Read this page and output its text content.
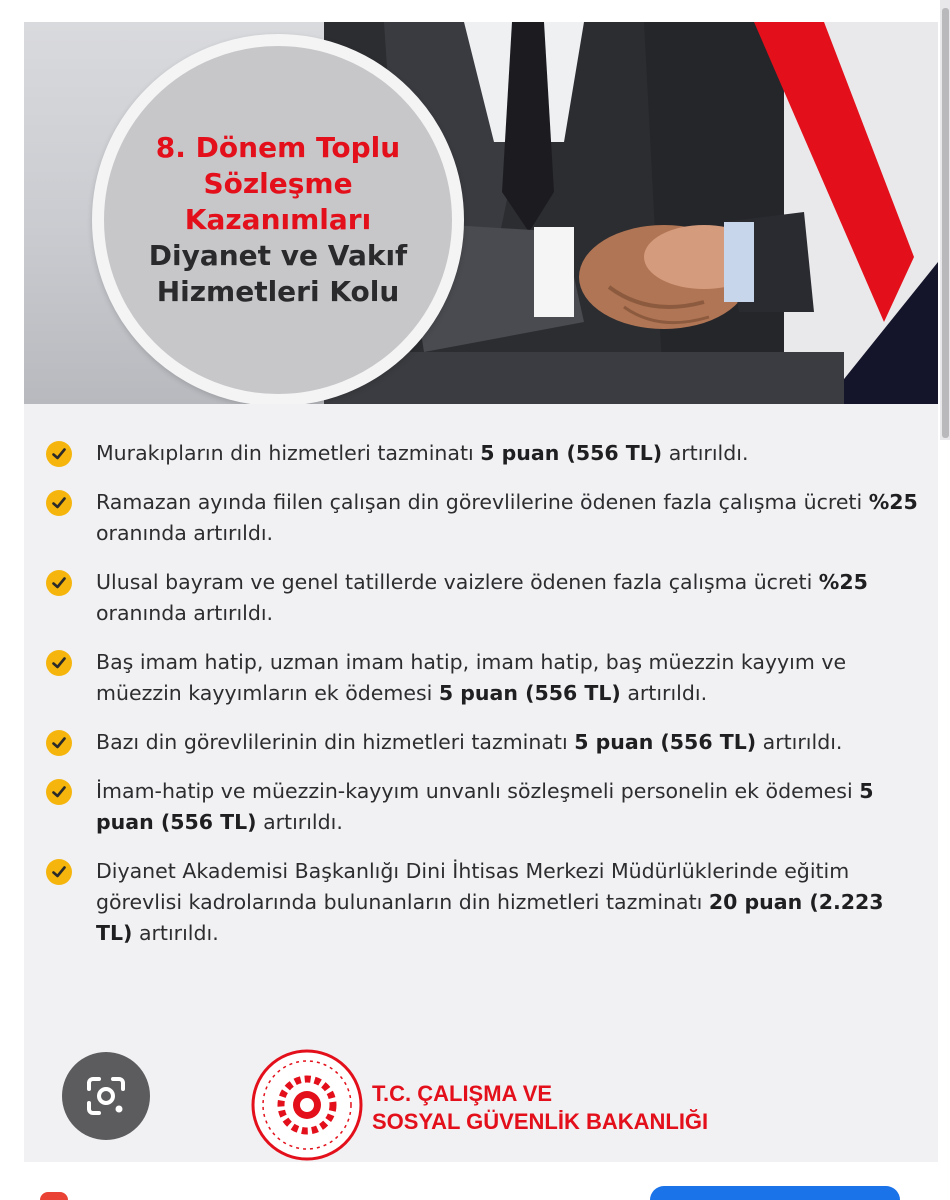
8. Dönem Toplu
Sözleşme
Kazanımları
Diyanet ve Vakıf
Hizmetleri Kolu
Murakıpların din hizmetleri tazminatı 5 puan (556 TL) artırıldı.
Ramazan ayında fiilen çalışan din görevlilerine ödenen fazla çalışma ücreti %25 oranında artırıldı.
Ulusal bayram ve genel tatillerde vaizlere ödenen fazla çalışma ücreti %25 oranında artırıldı.
Baş imam hatip, uzman imam hatip, imam hatip, baş müezzin kayyım ve müezzin kayyımların ek ödemesi 5 puan (556 TL) artırıldı.
Bazı din görevlilerinin din hizmetleri tazminatı 5 puan (556 TL) artırıldı.
İmam-hatip ve müezzin-kayyım unvanlı sözleşmeli personelin ek ödemesi 5 puan (556 TL) artırıldı.
Diyanet Akademisi Başkanlığı Dini İhtisas Merkezi Müdürlüklerinde eğitim görevlisi kadrolarında bulunanların din hizmetleri tazminatı 20 puan (2.223 TL) artırıldı.
T.C. ÇALIŞMA VE
SOSYAL GÜVENLİK BAKANLIĞI
